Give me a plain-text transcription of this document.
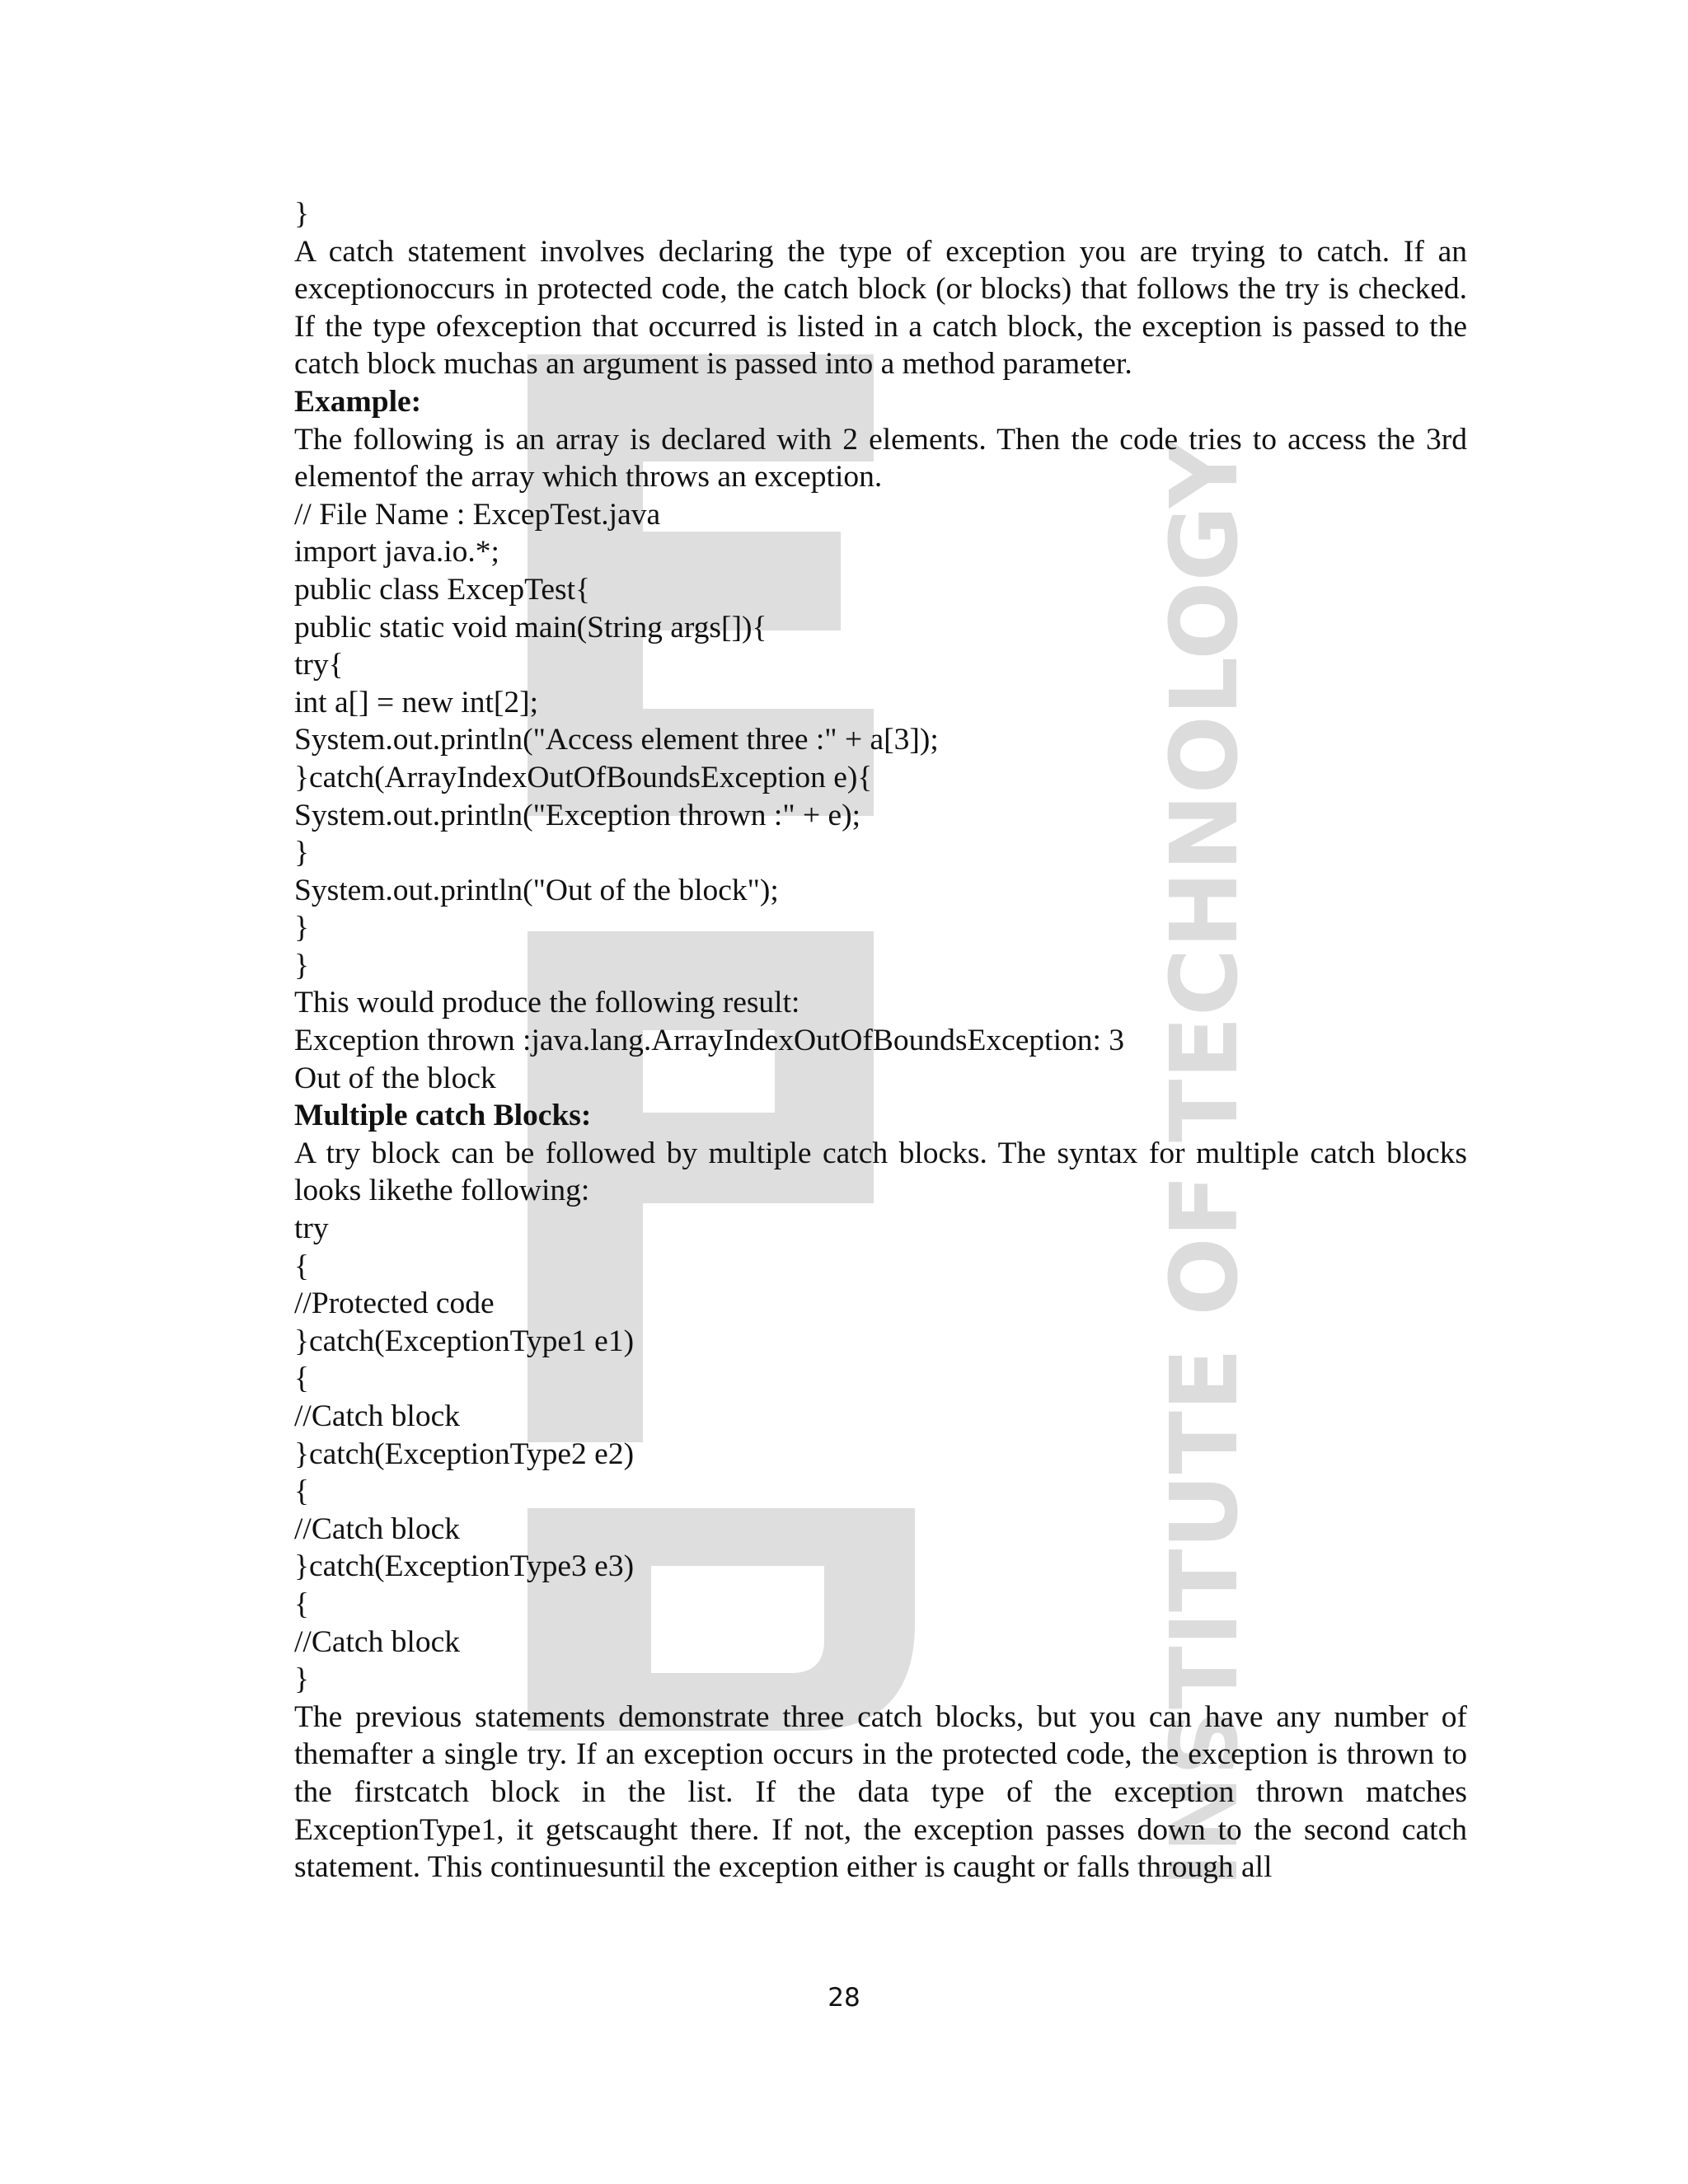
INSTITUTE OF TECHNOLOGY

}

A catch statement involves declaring the type of exception you are trying to catch. If an exceptionoccurs in protected code, the catch block (or blocks) that follows the try is checked. If the type ofexception that occurred is listed in a catch block, the exception is passed to the catch block muchas an argument is passed into a method parameter.

Example:

The following is an array is declared with 2 elements. Then the code tries to access the 3rd elementof the array which throws an exception.

// File Name : ExcepTest.java

import java.io.*;

public class ExcepTest{

public static void main(String args[]){

try{

int a[] = new int[2];

System.out.println("Access element three :" + a[3]);

}catch(ArrayIndexOutOfBoundsException e){

System.out.println("Exception thrown :" + e);

}

System.out.println("Out of the block");

}

}

This would produce the following result:

Exception thrown :java.lang.ArrayIndexOutOfBoundsException: 3

Out of the block

Multiple catch Blocks:

A try block can be followed by multiple catch blocks. The syntax for multiple catch blocks looks likethe following:

try

{

//Protected code

}catch(ExceptionType1 e1)

{

//Catch block

}catch(ExceptionType2 e2)

{

//Catch block

}catch(ExceptionType3 e3)

{

//Catch block

}

The previous statements demonstrate three catch blocks, but you can have any number of themafter a single try. If an exception occurs in the protected code, the exception is thrown to the firstcatch block in the list. If the data type of the exception thrown matches ExceptionType1, it getscaught there. If not, the exception passes down to the second catch statement. This continuesuntil the exception either is caught or falls through all

28
